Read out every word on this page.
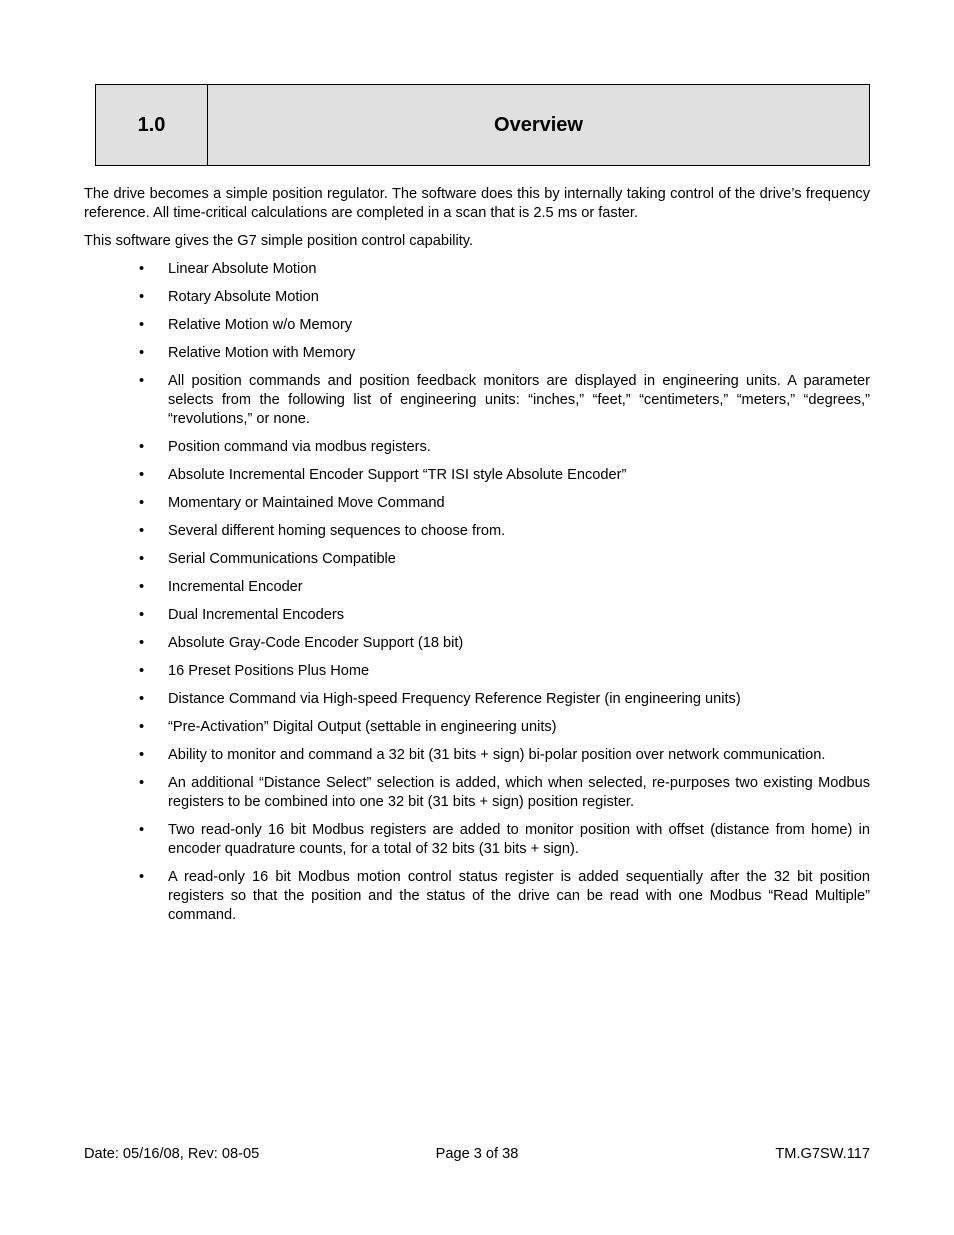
1.0	Overview

The drive becomes a simple position regulator. The software does this by internally taking control of the drive’s frequency reference. All time-critical calculations are completed in a scan that is 2.5 ms or faster.

This software gives the G7 simple position control capability.

• Linear Absolute Motion
• Rotary Absolute Motion
• Relative Motion w/o Memory
• Relative Motion with Memory
• All position commands and position feedback monitors are displayed in engineering units. A parameter selects from the following list of engineering units: “inches,” “feet,” “centimeters,” “meters,” “degrees,” “revolutions,” or none.
• Position command via modbus registers.
• Absolute Incremental Encoder Support “TR ISI style Absolute Encoder”
• Momentary or Maintained Move Command
• Several different homing sequences to choose from.
• Serial Communications Compatible
• Incremental Encoder
• Dual Incremental Encoders
• Absolute Gray-Code Encoder Support (18 bit)
• 16 Preset Positions Plus Home
• Distance Command via High-speed Frequency Reference Register (in engineering units)
• “Pre-Activation” Digital Output (settable in engineering units)
• Ability to monitor and command a 32 bit (31 bits + sign) bi-polar position over network communication.
• An additional “Distance Select” selection is added, which when selected, re-purposes two existing Modbus registers to be combined into one 32 bit (31 bits + sign) position register.
• Two read-only 16 bit Modbus registers are added to monitor position with offset (distance from home) in encoder quadrature counts, for a total of 32 bits (31 bits + sign).
• A read-only 16 bit Modbus motion control status register is added sequentially after the 32 bit position registers so that the position and the status of the drive can be read with one Modbus “Read Multiple” command.
Date: 05/16/08, Rev: 08-05	Page 3 of 38	TM.G7SW.117
